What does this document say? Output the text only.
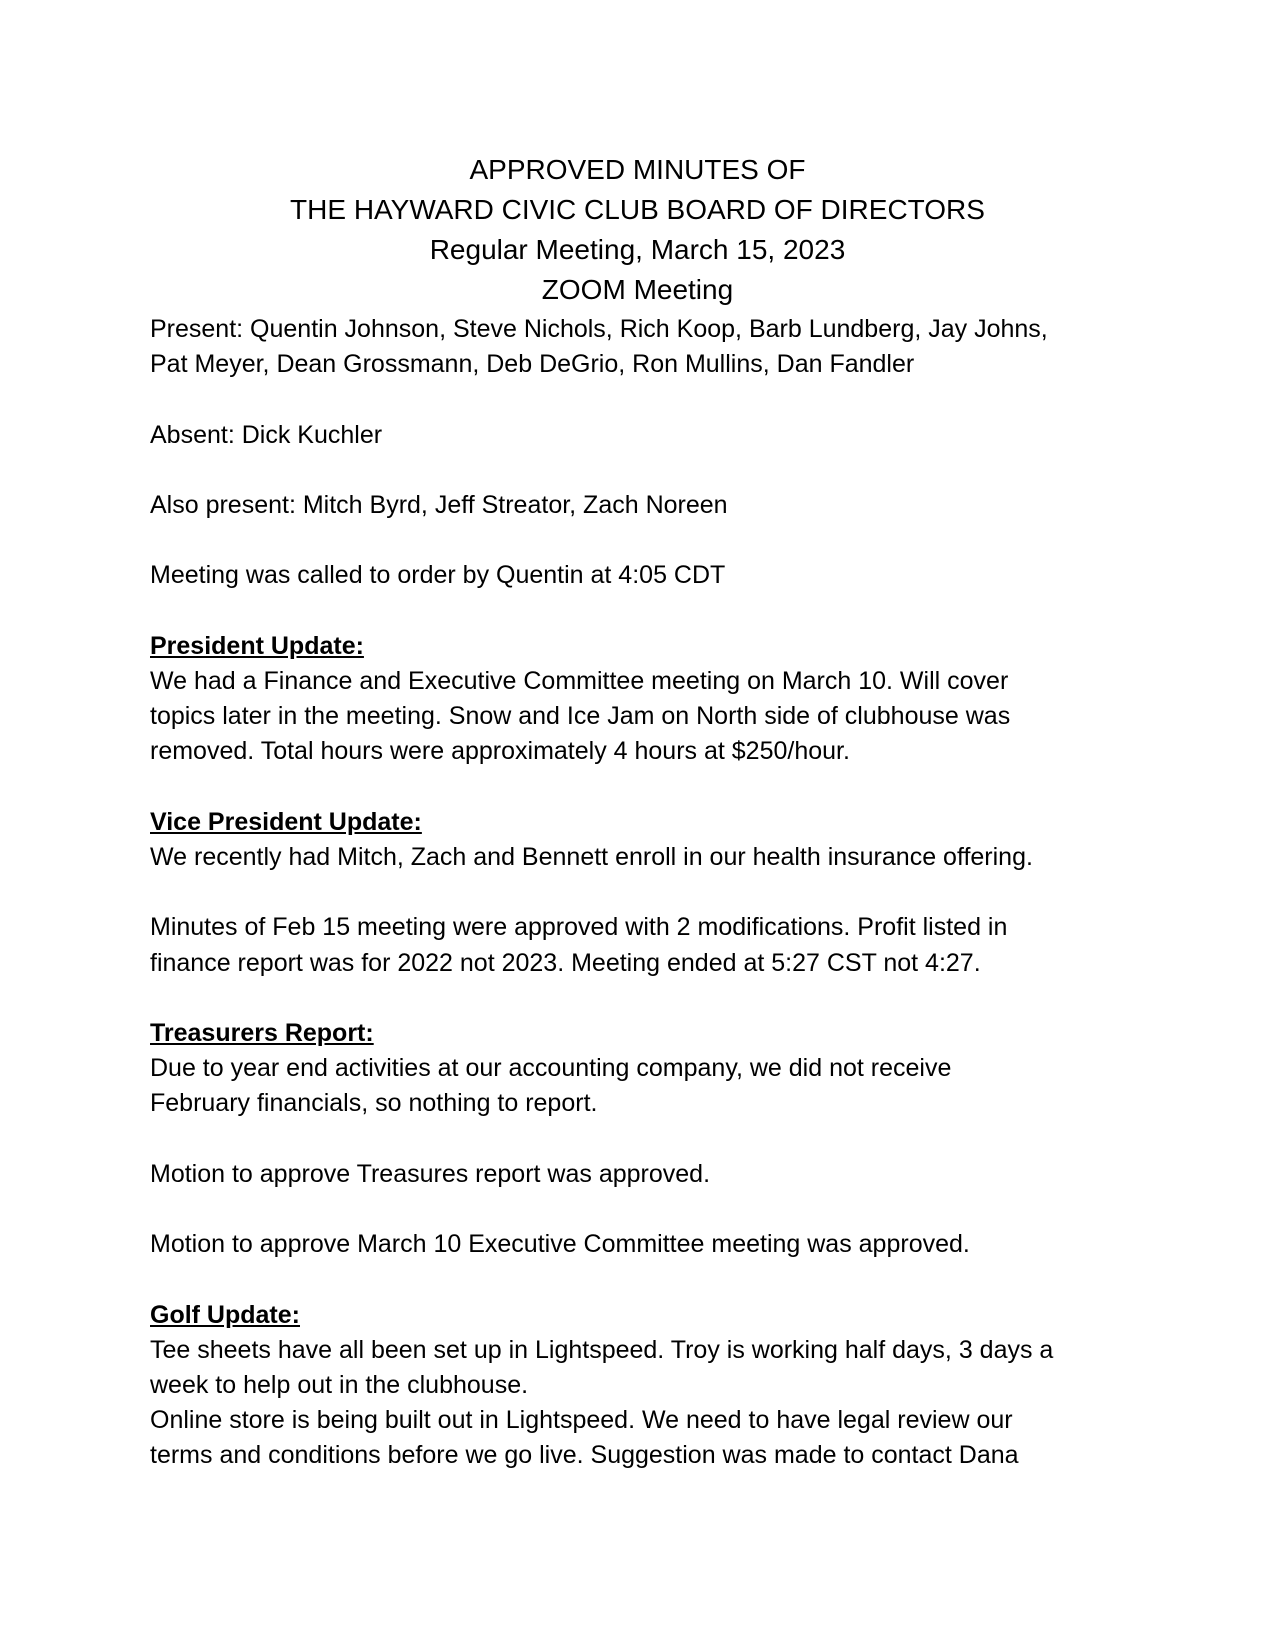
APPROVED MINUTES OF
THE HAYWARD CIVIC CLUB BOARD OF DIRECTORS
Regular Meeting, March 15, 2023
ZOOM Meeting
Present: Quentin Johnson, Steve Nichols, Rich Koop, Barb Lundberg, Jay Johns,
Pat Meyer, Dean Grossmann, Deb DeGrio, Ron Mullins, Dan Fandler
Absent: Dick Kuchler
Also present: Mitch Byrd, Jeff Streator, Zach Noreen
Meeting was called to order by Quentin at 4:05 CDT
President Update:
We had a Finance and Executive Committee meeting on March 10. Will cover
topics later in the meeting. Snow and Ice Jam on North side of clubhouse was
removed. Total hours were approximately 4 hours at $250/hour.
Vice President Update:
We recently had Mitch, Zach and Bennett enroll in our health insurance offering.
Minutes of Feb 15 meeting were approved with 2 modifications. Profit listed in
finance report was for 2022 not 2023. Meeting ended at 5:27 CST not 4:27.
Treasurers Report:
Due to year end activities at our accounting company, we did not receive
February financials, so nothing to report.
Motion to approve Treasures report was approved.
Motion to approve March 10 Executive Committee meeting was approved.
Golf Update:
Tee sheets have all been set up in Lightspeed. Troy is working half days, 3 days a
week to help out in the clubhouse.
Online store is being built out in Lightspeed. We need to have legal review our
terms and conditions before we go live. Suggestion was made to contact Dana
